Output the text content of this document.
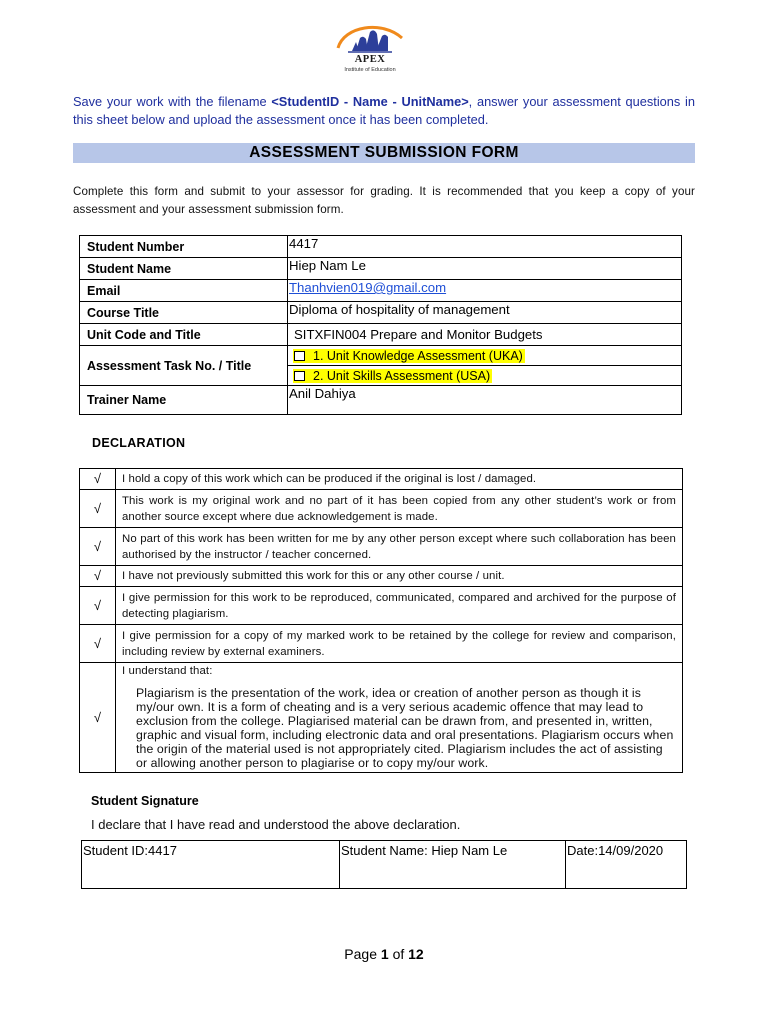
APEX
Institute of Education
Save your work with the filename <StudentID - Name - UnitName>, answer your assessment questions in this sheet below and upload the assessment once it has been completed.
ASSESSMENT SUBMISSION FORM
Complete this form and submit to your assessor for grading. It is recommended that you keep a copy of your assessment and your assessment submission form.
Student Number	4417

Student Name	Hiep Nam Le

Email	Thanhvien019@gmail.com

Course Title	Diploma of hospitality of management

Unit Code and Title	SITXFIN004 Prepare and Monitor Budgets

Assessment Task No. / Title	1. Unit Knowledge Assessment (UKA)
2. Unit Skills Assessment (USA)

Trainer Name	Anil Dahiya
DECLARATION
√	I hold a copy of this work which can be produced if the original is lost / damaged.
√	This work is my original work and no part of it has been copied from any other student’s work or from another source except where due acknowledgement is made.
√	No part of this work has been written for me by any other person except where such collaboration has been authorised by the instructor / teacher concerned.
√	I have not previously submitted this work for this or any other course / unit.
√	I give permission for this work to be reproduced, communicated, compared and archived for the purpose of detecting plagiarism.
√	I give permission for a copy of my marked work to be retained by the college for review and comparison, including review by external examiners.
√	I understand that:

Plagiarism is the presentation of the work, idea or creation of another person as though it is my/our own. It is a form of cheating and is a very serious academic offence that may lead to exclusion from the college. Plagiarised material can be drawn from, and presented in, written, graphic and visual form, including electronic data and oral presentations. Plagiarism occurs when the origin of the material used is not appropriately cited. Plagiarism includes the act of assisting or allowing another person to plagiarise or to copy my/our work.

Student Signature
I declare that I have read and understood the above declaration.
Student ID:4417	Student Name: Hiep Nam Le	Date:14/09/2020
Page 1 of 12
